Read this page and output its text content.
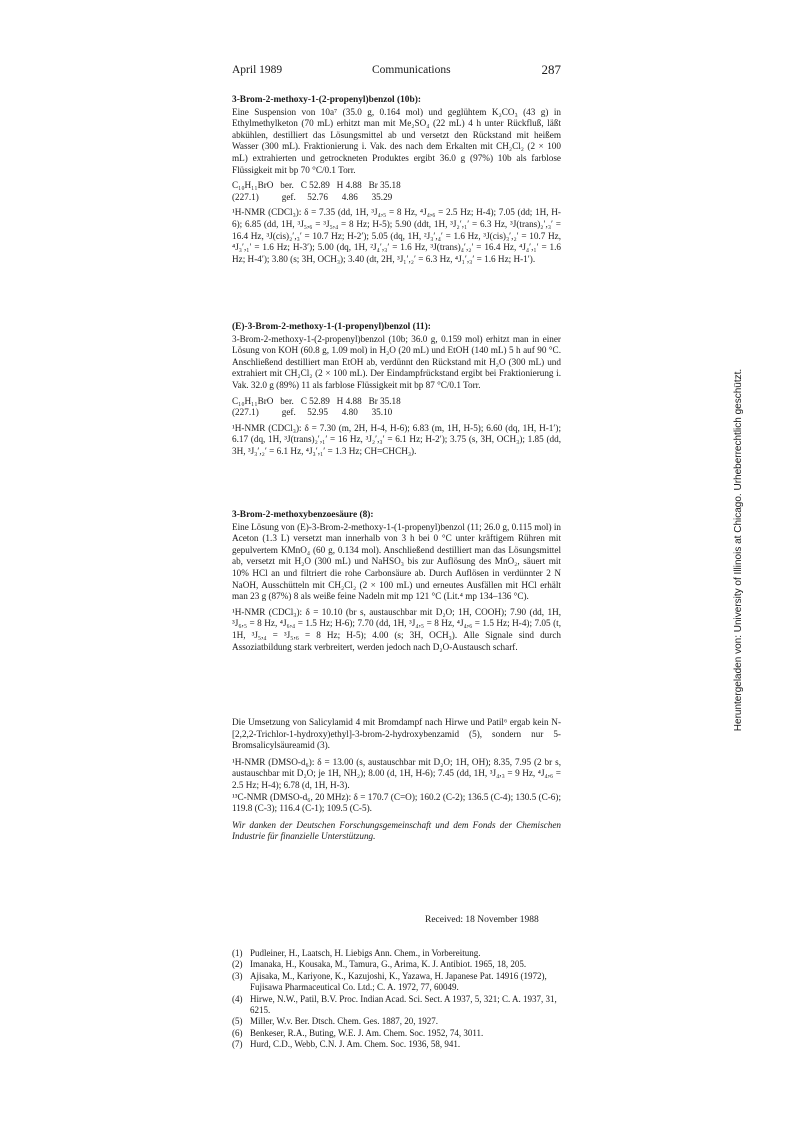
April 1989	Communications	287
3-Brom-2-methoxy-1-(2-propenyl)benzol (10b):

Eine Suspension von 10a⁷ (35.0 g, 0.164 mol) und geglühtem K₂CO₃ (43 g) in Ethylmethylketon (70 mL) erhitzt man mit Me₂SO₄ (22 mL) 4 h unter Rückfluß, läßt abkühlen, destilliert das Lösungsmittel ab und versetzt den Rückstand mit heißem Wasser (300 mL). Fraktionierung i. Vak. des nach dem Erkalten mit CH₂Cl₂ (2 × 100 mL) extrahierten und getrockneten Produktes ergibt 36.0 g (97%) 10b als farblose Flüssigkeit mit bp 70 °C/0.1 Torr.

C₁₀H₁₁BrO   ber.   C 52.89   H 4.88   Br 35.18
(227.1)          gef.     52.76      4.86      35.29

¹H-NMR (CDCl₃): δ = 7.35 (dd, 1H, ³J₄,₅ = 8 Hz, ⁴J₄,₆ = 2.5 Hz; H-4); 7.05 (dd; 1H, H-6); 6.85 (dd, 1H, ³J₅,₆ = ³J₅,₄ = 8 Hz; H-5); 5.90 (ddt, 1H, ³J₂′,₁′ = 6.3 Hz, ³J(trans)₂′,₃′ = 16.4 Hz, ³J(cis)₂′,₃′ = 10.7 Hz; H-2′); 5.05 (dq, 1H, ²J₃′,₄′ = 1.6 Hz, ³J(cis)₃′,₂′ = 10.7 Hz, ⁴J₃′,₁′ = 1.6 Hz; H-3′); 5.00 (dq, 1H, ²J₄′,₃′ = 1.6 Hz, ³J(trans)₄′,₂′ = 16.4 Hz, ⁴J₄′,₁′ = 1.6 Hz; H-4′); 3.80 (s; 3H, OCH₃); 3.40 (dt, 2H, ³J₁′,₂′ = 6.3 Hz, ⁴J₁′,₃′ = 1.6 Hz; H-1′).

(E)-3-Brom-2-methoxy-1-(1-propenyl)benzol (11):

3-Brom-2-methoxy-1-(2-propenyl)benzol (10b; 36.0 g, 0.159 mol) erhitzt man in einer Lösung von KOH (60.8 g, 1.09 mol) in H₂O (20 mL) und EtOH (140 mL) 5 h auf 90 °C. Anschließend destilliert man EtOH ab, verdünnt den Rückstand mit H₂O (300 mL) und extrahiert mit CH₂Cl₂ (2 × 100 mL). Der Eindampfrückstand ergibt bei Fraktionierung i. Vak. 32.0 g (89%) 11 als farblose Flüssigkeit mit bp 87 °C/0.1 Torr.

C₁₀H₁₁BrO   ber.   C 52.89   H 4.88   Br 35.18
(227.1)          gef.     52.95      4.80      35.10

¹H-NMR (CDCl₃): δ = 7.30 (m, 2H, H-4, H-6); 6.83 (m, 1H, H-5); 6.60 (dq, 1H, H-1′); 6.17 (dq, 1H, ³J(trans)₂′,₁′ = 16 Hz, ³J₂′,₃′ = 6.1 Hz; H-2′); 3.75 (s, 3H, OCH₃); 1.85 (dd, 3H, ³J₃′,₂′ = 6.1 Hz, ⁴J₃′,₁′ = 1.3 Hz; CH=CHCH₃).

3-Brom-2-methoxybenzoesäure (8):

Eine Lösung von (E)-3-Brom-2-methoxy-1-(1-propenyl)benzol (11; 26.0 g, 0.115 mol) in Aceton (1.3 L) versetzt man innerhalb von 3 h bei 0 °C unter kräftigem Rühren mit gepulvertem KMnO₄ (60 g, 0.134 mol). Anschließend destilliert man das Lösungsmittel ab, versetzt mit H₂O (300 mL) und NaHSO₃ bis zur Auflösung des MnO₂, säuert mit 10% HCl an und filtriert die rohe Carbonsäure ab. Durch Auflösen in verdünnter 2 N NaOH, Ausschütteln mit CH₂Cl₂ (2 × 100 mL) und erneutes Ausfällen mit HCl erhält man 23 g (87%) 8 als weiße feine Nadeln mit mp 121 °C (Lit.⁴ mp 134–136 °C).

¹H-NMR (CDCl₃): δ = 10.10 (br s, austauschbar mit D₂O; 1H, COOH); 7.90 (dd, 1H, ³J₆,₅ = 8 Hz, ⁴J₆,₄ = 1.5 Hz; H-6); 7.70 (dd, 1H, ³J₄,₅ = 8 Hz, ⁴J₄,₆ = 1.5 Hz; H-4); 7.05 (t, 1H, ³J₅,₄ = ³J₅,₆ = 8 Hz; H-5); 4.00 (s; 3H, OCH₃). Alle Signale sind durch Assoziatbildung stark verbreitert, werden jedoch nach D₂O-Austausch scharf.

Die Umsetzung von Salicylamid 4 mit Bromdampf nach Hirwe und Patil⁶ ergab kein N-[2,2,2-Trichlor-1-hydroxy)ethyl]-3-brom-2-hydroxybenzamid (5), sondern nur 5-Bromsalicylsäureamid (3).

¹H-NMR (DMSO-d₆): δ = 13.00 (s, austauschbar mit D₂O; 1H, OH); 8.35, 7.95 (2 br s, austauschbar mit D₂O; je 1H, NH₂); 8.00 (d, 1H, H-6); 7.45 (dd, 1H, ³J₄,₃ = 9 Hz, ⁴J₄,₆ = 2.5 Hz; H-4); 6.78 (d, 1H, H-3).

¹³C-NMR (DMSO-d₆, 20 MHz): δ = 170.7 (C=O); 160.2 (C-2); 136.5 (C-4); 130.5 (C-6); 119.8 (C-3); 116.4 (C-1); 109.5 (C-5).

Wir danken der Deutschen Forschungsgemeinschaft und dem Fonds der Chemischen Industrie für finanzielle Unterstützung.

Received: 18 November 1988
(1) Pudleiner, H., Laatsch, H. Liebigs Ann. Chem., in Vorbereitung.
(2) Imanaka, H., Kousaka, M., Tamura, G., Arima, K. J. Antibiot. 1965, 18, 205.
(3) Ajisaka, M., Kariyone, K., Kazujoshi, K., Yazawa, H. Japanese Pat. 14916 (1972), Fujisawa Pharmaceutical Co. Ltd.; C. A. 1972, 77, 60049.
(4) Hirwe, N.W., Patil, B.V. Proc. Indian Acad. Sci. Sect. A 1937, 5, 321; C. A. 1937, 31, 6215.
(5) Miller, W.v. Ber. Dtsch. Chem. Ges. 1887, 20, 1927.
(6) Benkeser, R.A., Buting, W.E. J. Am. Chem. Soc. 1952, 74, 3011.
(7) Hurd, C.D., Webb, C.N. J. Am. Chem. Soc. 1936, 58, 941.
Heruntergeladen von: University of Illinois at Chicago. Urheberrechtlich geschützt.
